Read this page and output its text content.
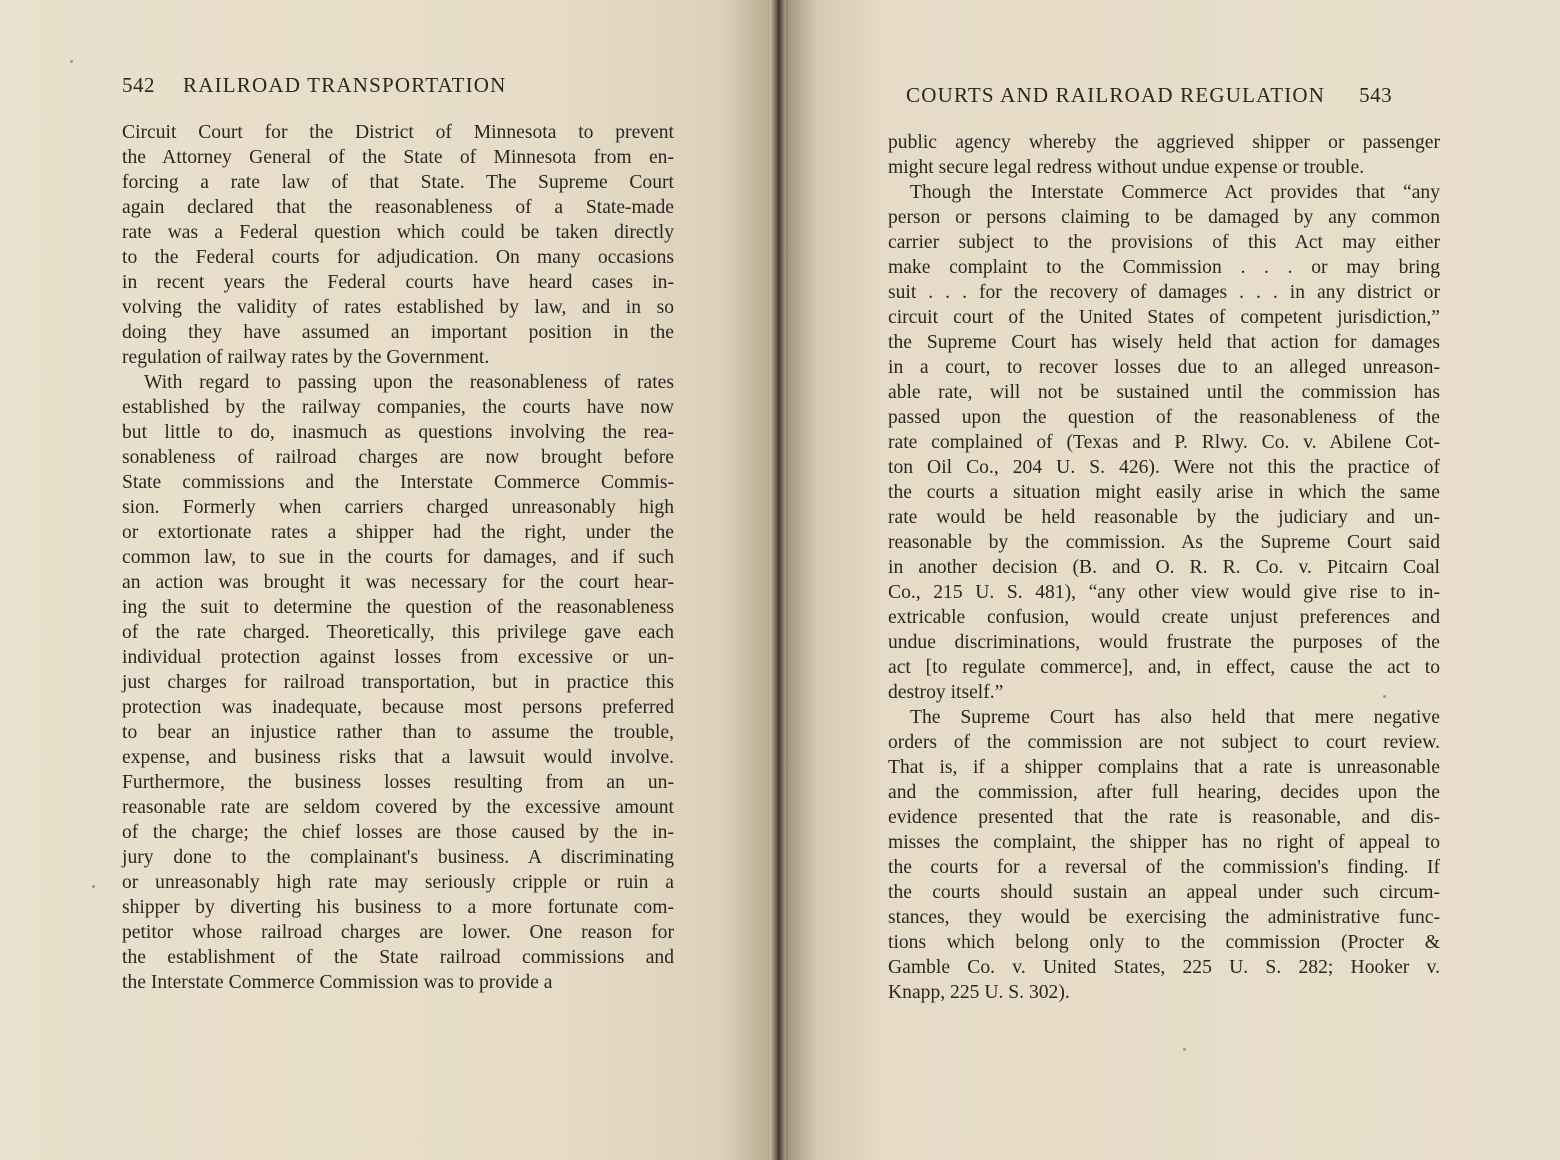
542 RAILROAD TRANSPORTATION

Circuit Court for the District of Minnesota to prevent
the Attorney General of the State of Minnesota from en-
forcing a rate law of that State. The Supreme Court
again declared that the reasonableness of a State-made
rate was a Federal question which could be taken directly
to the Federal courts for adjudication. On many occasions
in recent years the Federal courts have heard cases in-
volving the validity of rates established by law, and in so
doing they have assumed an important position in the
regulation of railway rates by the Government.

With regard to passing upon the reasonableness of rates
established by the railway companies, the courts have now
but little to do, inasmuch as questions involving the rea-
sonableness of railroad charges are now brought before
State commissions and the Interstate Commerce Commis-
sion. Formerly when carriers charged unreasonably high
or extortionate rates a shipper had the right, under the
common law, to sue in the courts for damages, and if such
an action was brought it was necessary for the court hear-
ing the suit to determine the question of the reasonableness
of the rate charged. Theoretically, this privilege gave each
individual protection against losses from excessive or un-
just charges for railroad transportation, but in practice this
protection was inadequate, because most persons preferred
to bear an injustice rather than to assume the trouble,
expense, and business risks that a lawsuit would involve.
Furthermore, the business losses resulting from an un-
reasonable rate are seldom covered by the excessive amount
of the charge; the chief losses are those caused by the in-
jury done to the complainant's business. A discriminating
or unreasonably high rate may seriously cripple or ruin a
shipper by diverting his business to a more fortunate com-
petitor whose railroad charges are lower. One reason for
the establishment of the State railroad commissions and
the Interstate Commerce Commission was to provide a

COURTS AND RAILROAD REGULATION 543

public agency whereby the aggrieved shipper or passenger
might secure legal redress without undue expense or trouble.

Though the Interstate Commerce Act provides that “any
person or persons claiming to be damaged by any common
carrier subject to the provisions of this Act may either
make complaint to the Commission . . . or may bring
suit . . . for the recovery of damages . . . in any district or
circuit court of the United States of competent jurisdiction,”
the Supreme Court has wisely held that action for damages
in a court, to recover losses due to an alleged unreason-
able rate, will not be sustained until the commission has
passed upon the question of the reasonableness of the
rate complained of (Texas and P. Rlwy. Co. v. Abilene Cot-
ton Oil Co., 204 U. S. 426). Were not this the practice of
the courts a situation might easily arise in which the same
rate would be held reasonable by the judiciary and un-
reasonable by the commission. As the Supreme Court said
in another decision (B. and O. R. R. Co. v. Pitcairn Coal
Co., 215 U. S. 481), “any other view would give rise to in-
extricable confusion, would create unjust preferences and
undue discriminations, would frustrate the purposes of the
act [to regulate commerce], and, in effect, cause the act to
destroy itself.”

The Supreme Court has also held that mere negative
orders of the commission are not subject to court review.
That is, if a shipper complains that a rate is unreasonable
and the commission, after full hearing, decides upon the
evidence presented that the rate is reasonable, and dis-
misses the complaint, the shipper has no right of appeal to
the courts for a reversal of the commission's finding. If
the courts should sustain an appeal under such circum-
stances, they would be exercising the administrative func-
tions which belong only to the commission (Procter &
Gamble Co. v. United States, 225 U. S. 282; Hooker v.
Knapp, 225 U. S. 302).
